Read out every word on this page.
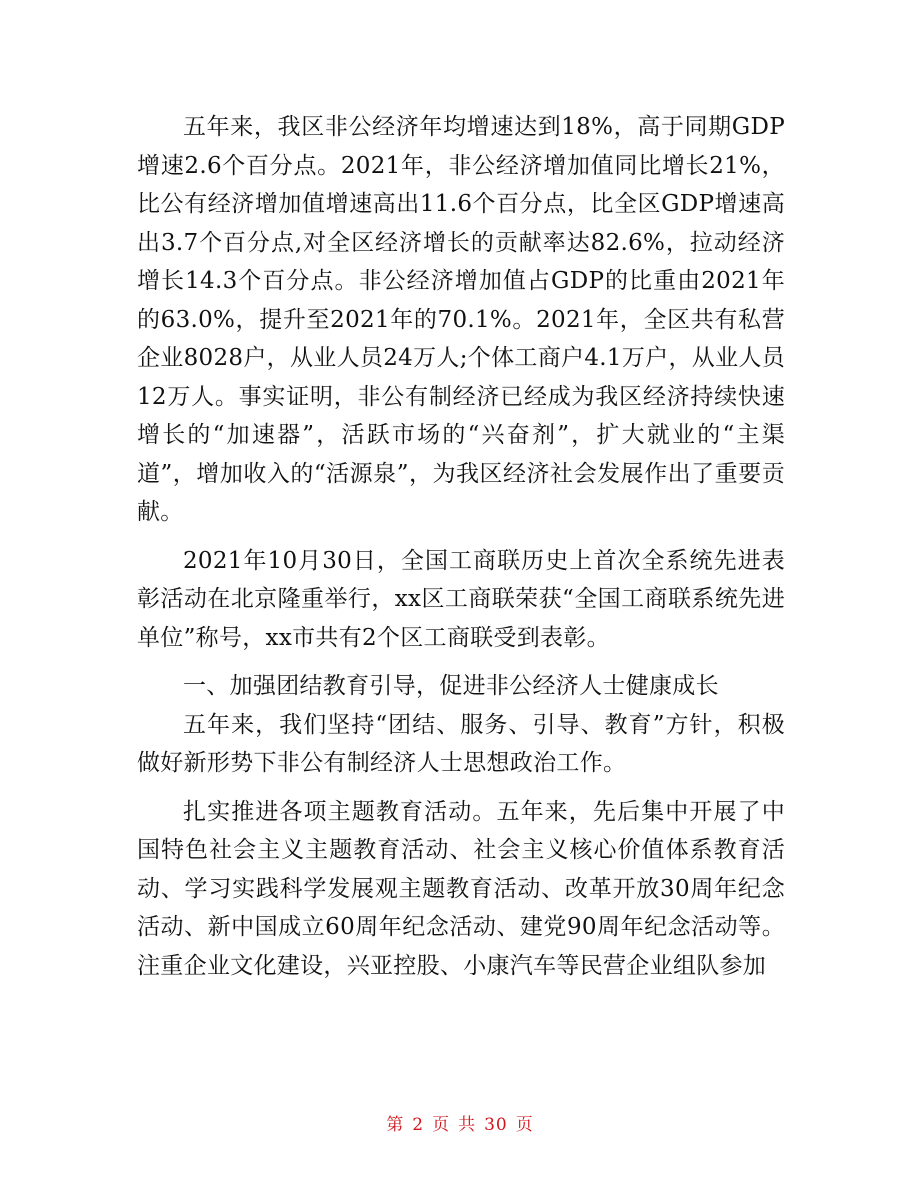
五年来，我区非公经济年均增速达到18%，高于同期GDP增速2.6个百分点。2021年，非公经济增加值同比增长21%，比公有经济增加值增速高出11.6个百分点，比全区GDP增速高出3.7个百分点,对全区经济增长的贡献率达82.6%，拉动经济增长14.3个百分点。非公经济增加值占GDP的比重由2021年的63.0%，提升至2021年的70.1%。2021年，全区共有私营企业8028户，从业人员24万人;个体工商户4.1万户，从业人员12万人。事实证明，非公有制经济已经成为我区经济持续快速增长的“加速器”，活跃市场的“兴奋剂”，扩大就业的“主渠道”，增加收入的“活源泉”，为我区经济社会发展作出了重要贡献。

2021年10月30日，全国工商联历史上首次全系统先进表彰活动在北京隆重举行，xx区工商联荣获“全国工商联系统先进单位”称号，xx市共有2个区工商联受到表彰。

一、加强团结教育引导，促进非公经济人士健康成长

五年来，我们坚持“团结、服务、引导、教育”方针，积极做好新形势下非公有制经济人士思想政治工作。

扎实推进各项主题教育活动。五年来，先后集中开展了中国特色社会主义主题教育活动、社会主义核心价值体系教育活动、学习实践科学发展观主题教育活动、改革开放30周年纪念活动、新中国成立60周年纪念活动、建党90周年纪念活动等。注重企业文化建设，兴亚控股、小康汽车等民营企业组队参加

第 2 页 共 30 页
